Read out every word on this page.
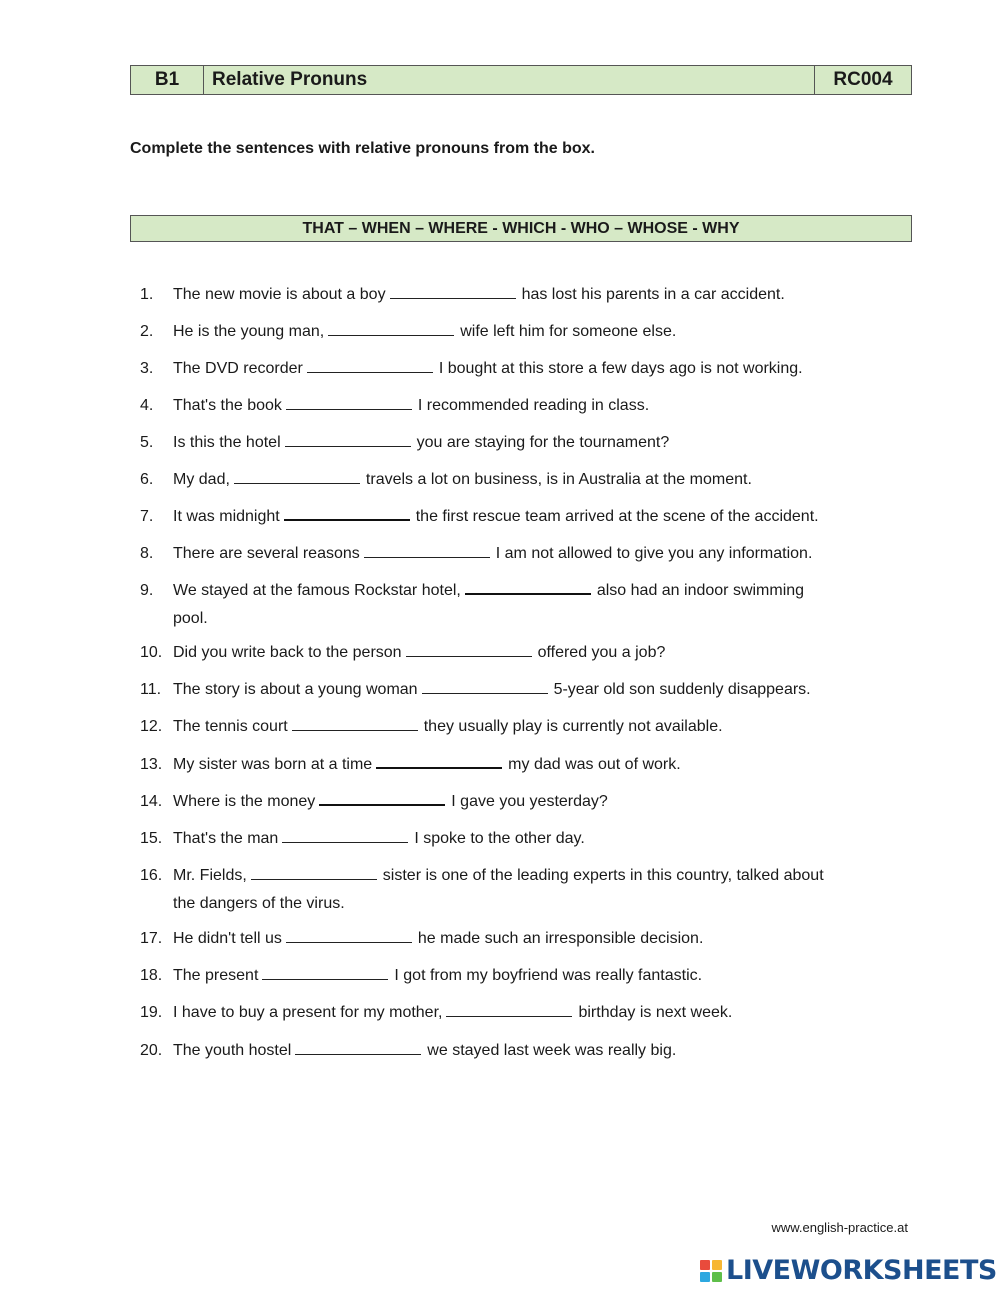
B1	Relative Pronuns	RC004
Complete the sentences with relative pronouns from the box.
THAT – WHEN – WHERE - WHICH - WHO – WHOSE - WHY
1.	The new movie is about a boy	has lost his parents in a car accident.
2.	He is the young man,	wife left him for someone else.
3.	The DVD recorder	I bought at this store a few days ago is not working.
4.	That's the book	I recommended reading in class.
5.	Is this the hotel	you are staying for the tournament?
6.	My dad,	travels a lot on business, is in Australia at the moment.
7.	It was midnight	the first rescue team arrived at the scene of the accident.
8.	There are several reasons	I am not allowed to give you any information.
9.	We stayed at the famous Rockstar hotel,	also had an indoor swimming
pool.
10. Did you write back to the person	offered you a job?
11. The story is about a young woman	5-year old son suddenly disappears.
12. The tennis court	they usually play is currently not available.
13. My sister was born at a time	my dad was out of work.
14. Where is the money	I gave you yesterday?
15. That's the man	I spoke to the other day.
16. Mr. Fields,	sister is one of the leading experts in this country, talked about
the dangers of the virus.
17. He didn't tell us	he made such an irresponsible decision.
18. The present	I got from my boyfriend was really fantastic.
19. I have to buy a present for my mother,	birthday is next week.
20. The youth hostel	we stayed last week was really big.
www.english-practice.at
LIVEWORKSHEETS
